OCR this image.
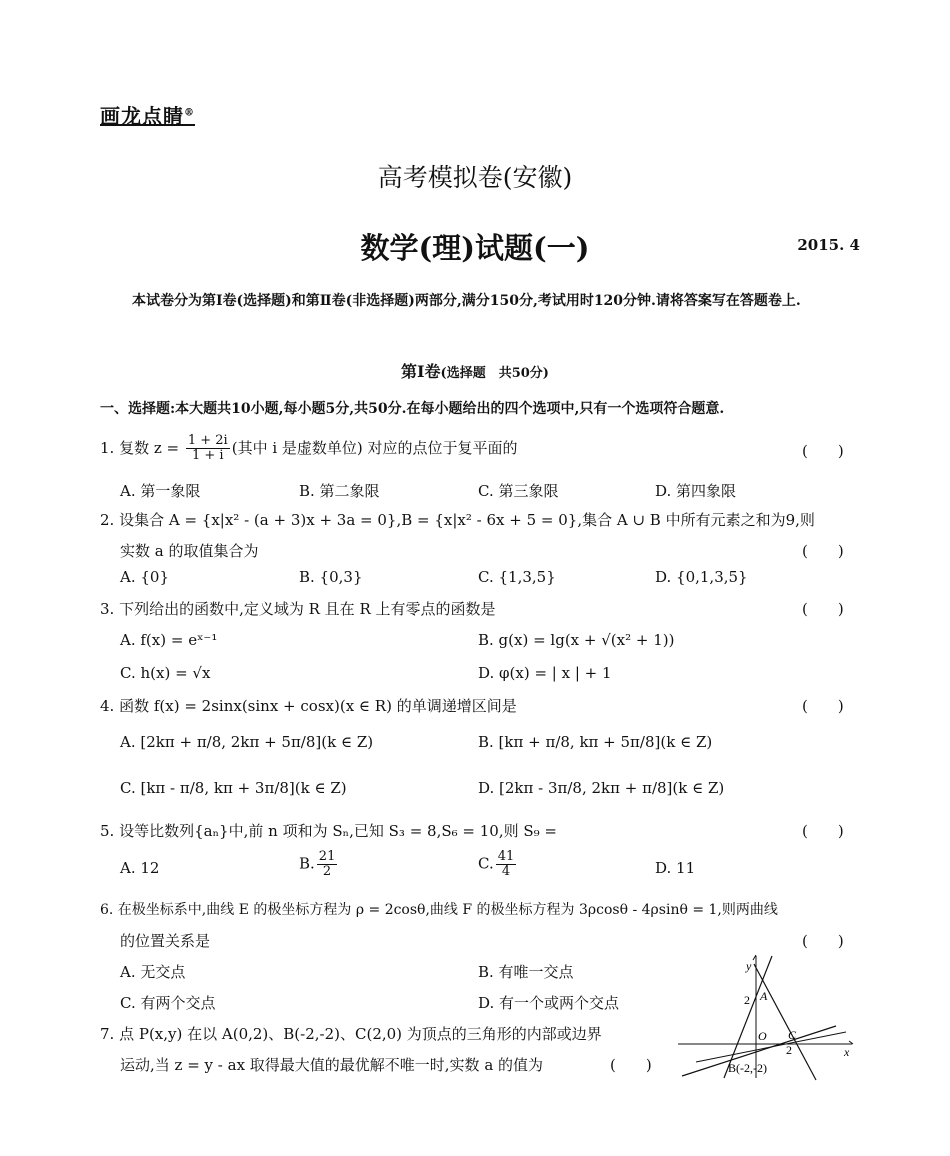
画龙点睛®
高考模拟卷(安徽)
数学(理)试题(一)	2015. 4
本试卷分为第Ⅰ卷(选择题)和第Ⅱ卷(非选择题)两部分,满分150分,考试用时120分钟.请将答案写在答题卷上.
第Ⅰ卷(选择题　共50分)
一、选择题:本大题共10小题,每小题5分,共50分.在每小题给出的四个选项中,只有一个选项符合题意.
1. 复数 $z = \frac{1 + 2i}{1 + i}$ (其中 i 是虚数单位) 对应的点位于复平面的	(　　)
A. 第一象限	B. 第二象限	C. 第三象限	D. 第四象限
2. 设集合 A = {x|x² - (a + 3)x + 3a = 0},B = {x|x² - 6x + 5 = 0},集合 A ∪ B 中所有元素之和为9,则
实数 a 的取值集合为	(　　)
A. {0}	B. {0,3}	C. {1,3,5}	D. {0,1,3,5}
3. 下列给出的函数中,定义域为 R 且在 R 上有零点的函数是	(　　)
A. f(x) = eˣ⁻¹	B. g(x) = lg(x + √(x² + 1))
C. h(x) = √x	D. φ(x) = | x | + 1
4. 函数 f(x) = 2sinx(sinx + cosx)(x ∈ R) 的单调递增区间是	(　　)
A. [2kπ + π/8, 2kπ + 5π/8](k ∈ Z)	B. [kπ + π/8, kπ + 5π/8](k ∈ Z)
C. [kπ - π/8, kπ + 3π/8](k ∈ Z)	D. [2kπ - 3π/8, 2kπ + π/8](k ∈ Z)
5. 设等比数列{aₙ}中,前 n 项和为 Sₙ,已知 S₃ = 8,S₆ = 10,则 S₉ =	(　　)
A. 12	B. $\frac{21}{2}$	C. $\frac{41}{4}$	D. 11
6. 在极坐标系中,曲线 E 的极坐标方程为 ρ = 2cosθ,曲线 F 的极坐标方程为 3ρcosθ - 4ρsinθ = 1,则两曲线
的位置关系是	(　　)
A. 无交点	B. 有唯一交点
C. 有两个交点	D. 有一个或两个交点
7. 点 P(x,y) 在以 A(0,2)、B(-2,-2)、C(2,0) 为顶点的三角形的内部或边界
运动,当 z = y - ax 取得最大值的最优解不唯一时,实数 a 的值为	(　　)
y
x
A
2
O C
2
B(-2,-2)
